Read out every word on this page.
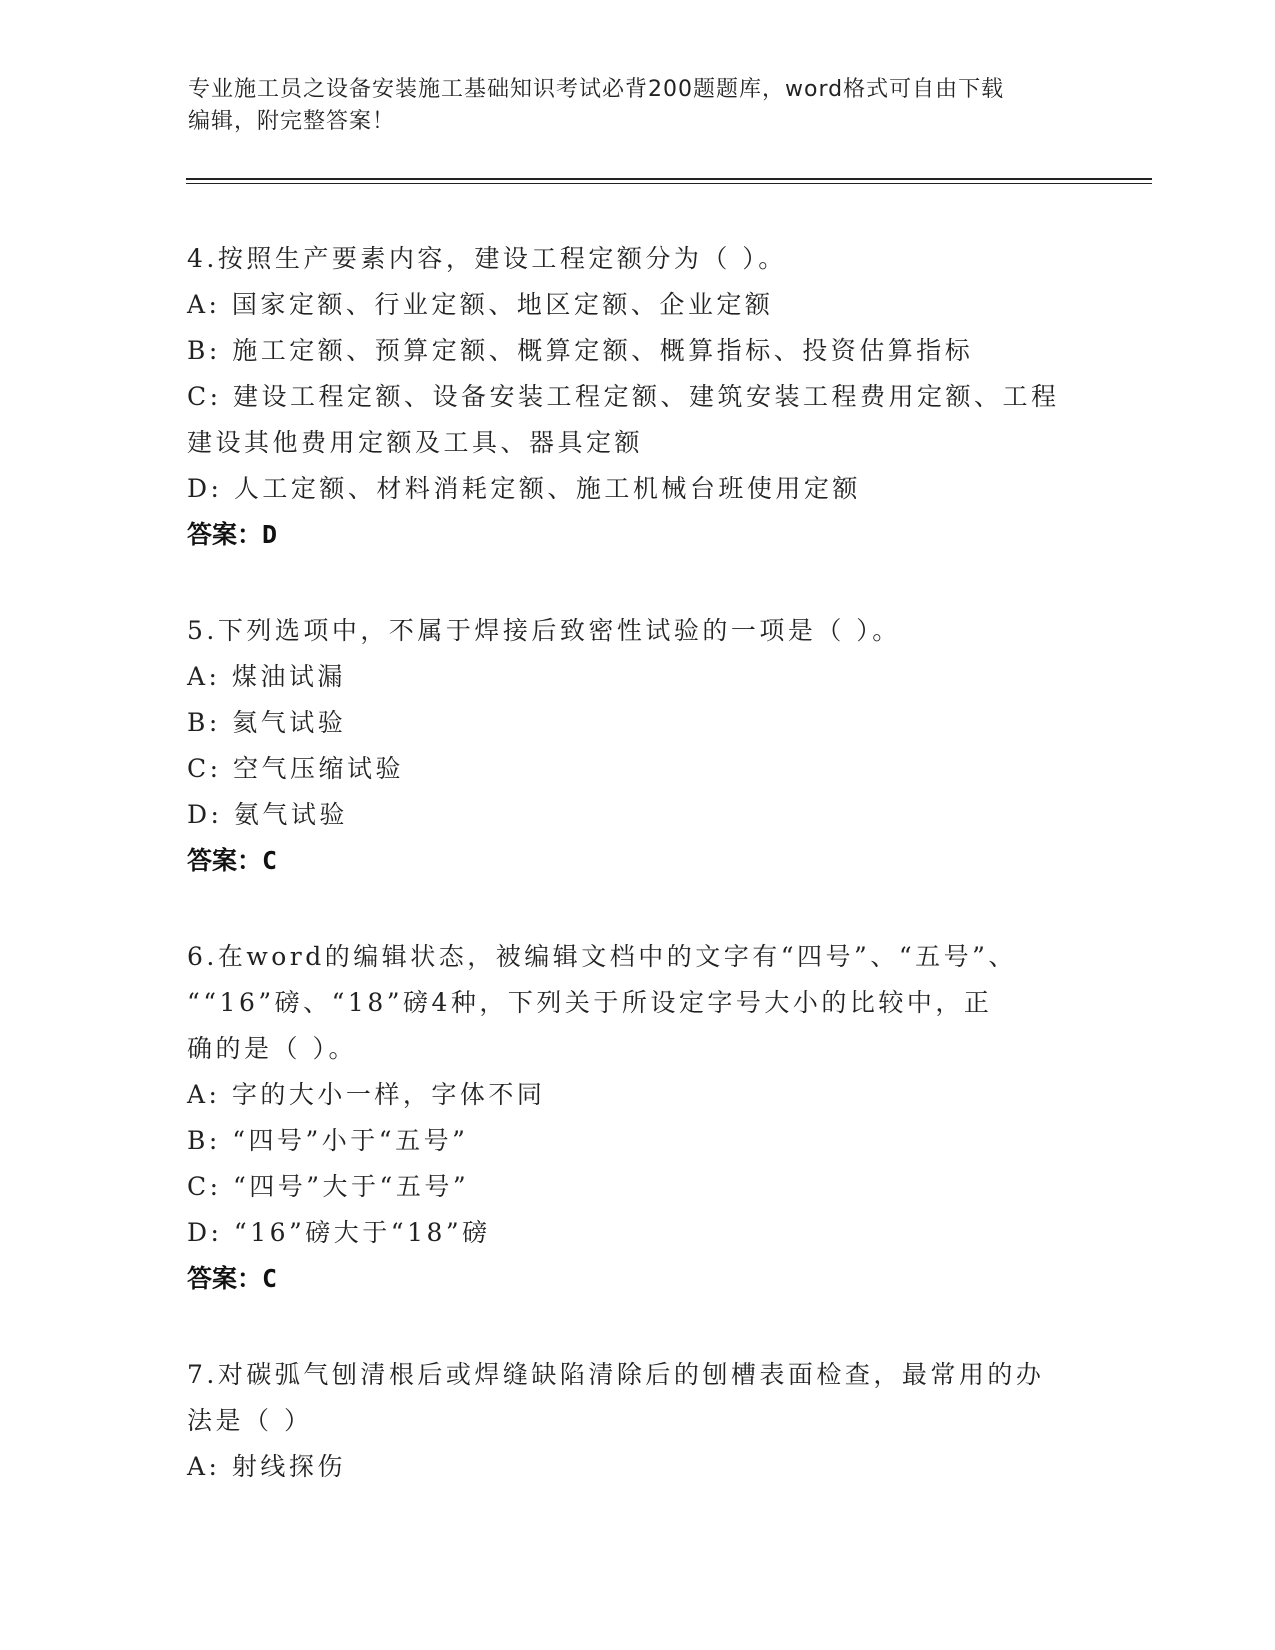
专业施工员之设备安装施工基础知识考试必背200题题库，word格式可自由下载
编辑，附完整答案！
4.按照生产要素内容，建设工程定额分为（ ）。
A: 国家定额、行业定额、地区定额、企业定额
B: 施工定额、预算定额、概算定额、概算指标、投资估算指标
C: 建设工程定额、设备安装工程定额、建筑安装工程费用定额、工程
建设其他费用定额及工具、器具定额
D: 人工定额、材料消耗定额、施工机械台班使用定额
答案：D
5.下列选项中，不属于焊接后致密性试验的一项是（ ）。
A: 煤油试漏
B: 氦气试验
C: 空气压缩试验
D: 氨气试验
答案：C
6.在word的编辑状态，被编辑文档中的文字有“四号”、“五号”、
““16”磅、“18”磅4种，下列关于所设定字号大小的比较中，正
确的是（ ）。
A: 字的大小一样，字体不同
B: “四号”小于“五号”
C: “四号”大于“五号”
D: “16”磅大于“18”磅
答案：C
7.对碳弧气刨清根后或焊缝缺陷清除后的刨槽表面检查，最常用的办
法是（ ）
A: 射线探伤
